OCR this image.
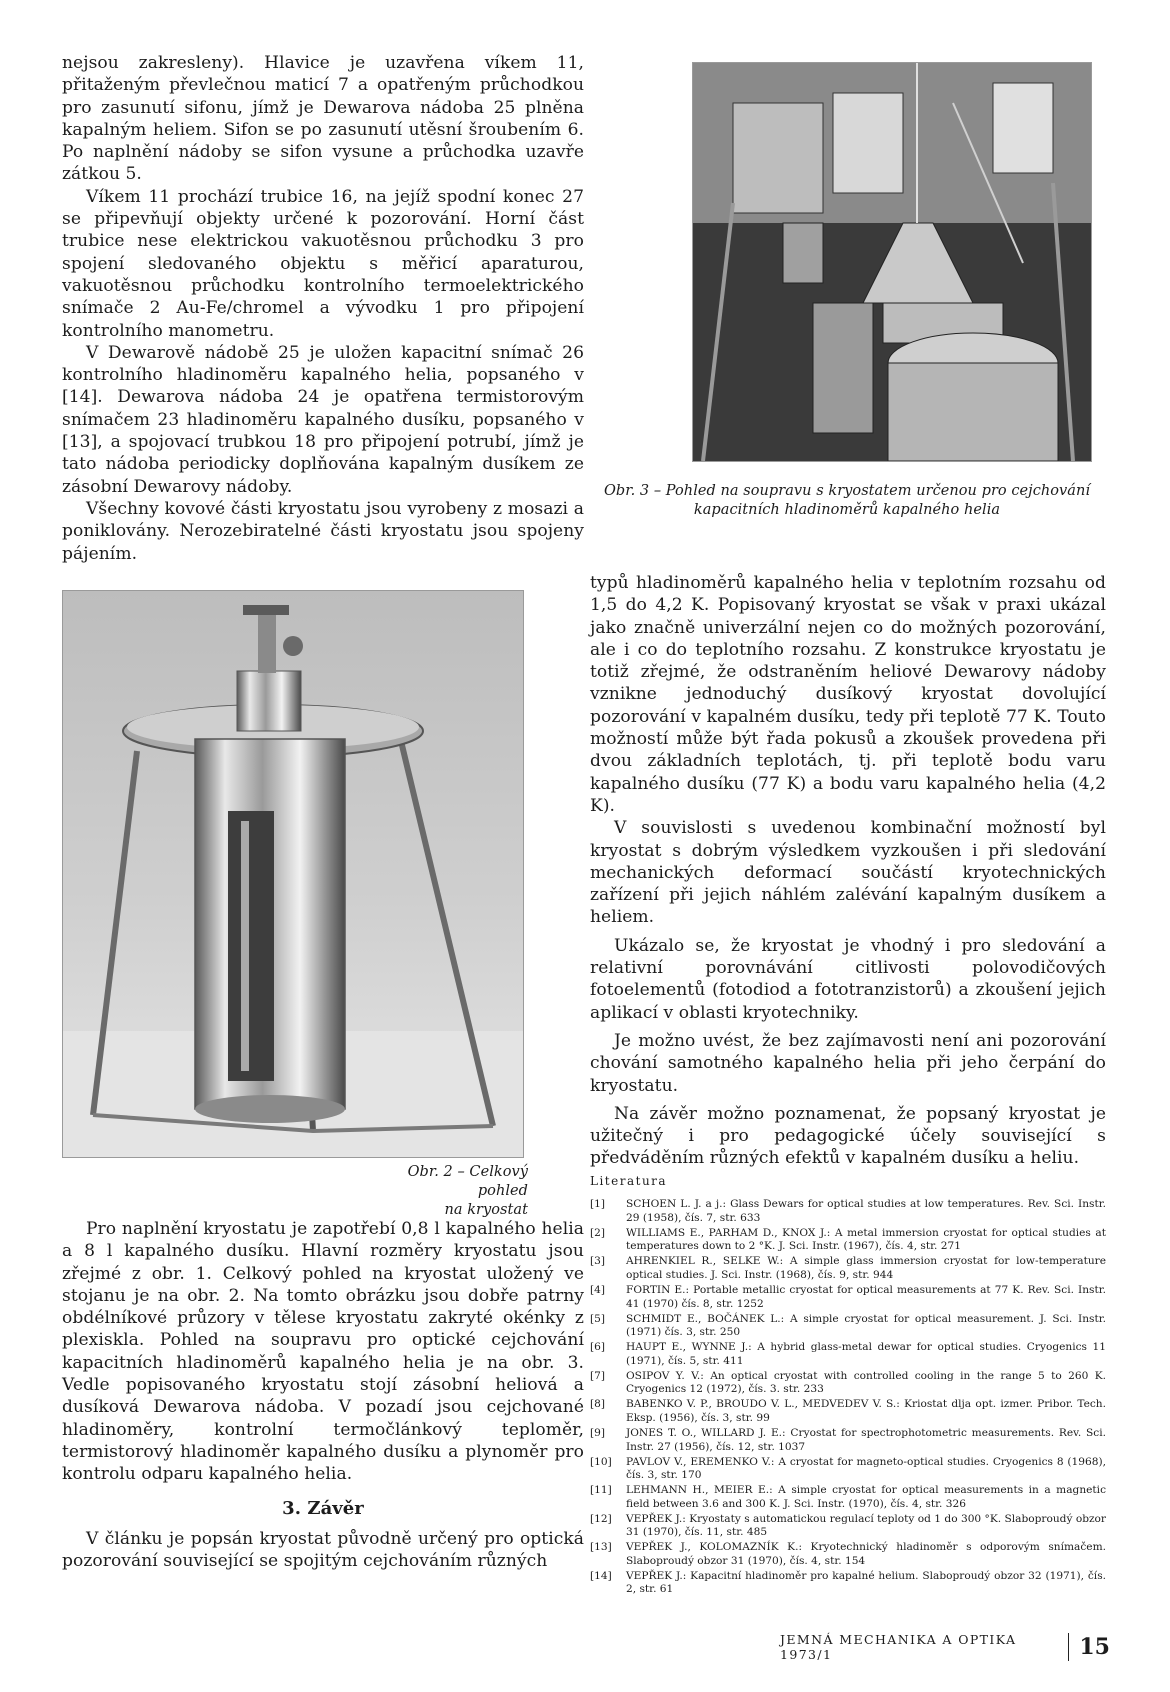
nejsou zakresleny). Hlavice je uzavřena víkem 11, přitaženým převlečnou maticí 7 a opatřeným průchodkou pro zasunutí sifonu, jímž je Dewarova nádoba 25 plněna kapalným heliem. Sifon se po zasunutí utěsní šroubením 6. Po naplnění nádoby se sifon vysune a průchodka uzavře zátkou 5.

Víkem 11 prochází trubice 16, na jejíž spodní konec 27 se připevňují objekty určené k pozorování. Horní část trubice nese elektrickou vakuotěsnou průchodku 3 pro spojení sledovaného objektu s měřicí aparaturou, vakuotěsnou průchodku kontrolního termoelektrického snímače 2 Au-Fe/chromel a vývodku 1 pro připojení kontrolního manometru.

V Dewarově nádobě 25 je uložen kapacitní snímač 26 kontrolního hladinoměru kapalného helia, popsaného v [14]. Dewarova nádoba 24 je opatřena termistorovým snímačem 23 hladinoměru kapalného dusíku, popsaného v [13], a spojovací trubkou 18 pro připojení potrubí, jímž je tato nádoba periodicky doplňována kapalným dusíkem ze zásobní Dewarovy nádoby.

Všechny kovové části kryostatu jsou vyrobeny z mosazi a poniklovány. Nerozebiratelné části kryostatu jsou spojeny pájením.

Obr. 2 – Celkový pohled

na kryostat

Pro naplnění kryostatu je zapotřebí 0,8 l kapalného helia a 8 l kapalného dusíku. Hlavní rozměry kryostatu jsou zřejmé z obr. 1. Celkový pohled na kryostat uložený ve stojanu je na obr. 2. Na tomto obrázku jsou dobře patrny obdélníkové průzory v tělese kryostatu zakryté okénky z plexiskla. Pohled na soupravu pro optické cejchování kapacitních hladinoměrů kapalného helia je na obr. 3. Vedle popisovaného kryostatu stojí zásobní heliová a dusíková Dewarova nádoba. V pozadí jsou cejchované hladinoměry, kontrolní termočlánkový teploměr, termistorový hladinoměr kapalného dusíku a plynoměr pro kontrolu odparu kapalného helia.

3. Závěr

V článku je popsán kryostat původně určený pro optická pozorování související se spojitým cejchováním různých

Obr. 3 – Pohled na soupravu s kryostatem určenou pro cejchování

kapacitních hladinoměrů kapalného helia

typů hladinoměrů kapalného helia v teplotním rozsahu od 1,5 do 4,2 K. Popisovaný kryostat se však v praxi ukázal jako značně univerzální nejen co do možných pozorování, ale i co do teplotního rozsahu. Z konstrukce kryostatu je totiž zřejmé, že odstraněním heliové Dewarovy nádoby vznikne jednoduchý dusíkový kryostat dovolující pozorování v kapalném dusíku, tedy při teplotě 77 K. Touto možností může být řada pokusů a zkoušek provedena při dvou základních teplotách, tj. při teplotě bodu varu kapalného dusíku (77 K) a bodu varu kapalného helia (4,2 K).

V souvislosti s uvedenou kombinační možností byl kryostat s dobrým výsledkem vyzkoušen i při sledování mechanických deformací součástí kryotechnických zařízení při jejich náhlém zalévání kapalným dusíkem a heliem.

Ukázalo se, že kryostat je vhodný i pro sledování a relativní porovnávání citlivosti polovodičových fotoelementů (fotodiod a fototranzistorů) a zkoušení jejich aplikací v oblasti kryotechniky.

Je možno uvést, že bez zajímavosti není ani pozorování chování samotného kapalného helia při jeho čerpání do kryostatu.

Na závěr možno poznamenat, že popsaný kryostat je užitečný i pro pedagogické účely související s předváděním různých efektů v kapalném dusíku a heliu.

Literatura

[1]	SCHOEN L. J. a j.: Glass Dewars for optical studies at low temperatures. Rev. Sci. Instr. 29 (1958), čís. 7, str. 633
[2]	WILLIAMS E., PARHAM D., KNOX J.: A metal immersion cryostat for optical studies at temperatures down to 2 °K. J. Sci. Instr. (1967), čís. 4, str. 271
[3]	AHRENKIEL R., SELKE W.: A simple glass immersion cryostat for low-temperature optical studies. J. Sci. Instr. (1968), čís. 9, str. 944
[4]	FORTIN E.: Portable metallic cryostat for optical measurements at 77 K. Rev. Sci. Instr. 41 (1970) čís. 8, str. 1252
[5]	SCHMIDT E., BOČÁNEK L.: A simple cryostat for optical measurement. J. Sci. Instr. (1971) čís. 3, str. 250
[6]	HAUPT E., WYNNE J.: A hybrid glass-metal dewar for optical studies. Cryogenics 11 (1971), čís. 5, str. 411
[7]	OSIPOV Y. V.: An optical cryostat with controlled cooling in the range 5 to 260 K. Cryogenics 12 (1972), čís. 3. str. 233
[8]	BABENKO V. P., BROUDO V. L., MEDVEDEV V. S.: Kriostat dlja opt. izmer. Pribor. Tech. Eksp. (1956), čís. 3, str. 99
[9]	JONES T. O., WILLARD J. E.: Cryostat for spectrophotometric measurements. Rev. Sci. Instr. 27 (1956), čís. 12, str. 1037
[10]	PAVLOV V., EREMENKO V.: A cryostat for magneto-optical studies. Cryogenics 8 (1968), čís. 3, str. 170
[11]	LEHMANN H., MEIER E.: A simple cryostat for optical measurements in a magnetic field between 3.6 and 300 K. J. Sci. Instr. (1970), čís. 4, str. 326
[12]	VEPŘEK J.: Kryostaty s automatickou regulací teploty od 1 do 300 °K. Slaboproudý obzor 31 (1970), čís. 11, str. 485
[13]	VEPŘEK J., KOLOMAZNÍK K.: Kryotechnický hladinoměr s odporovým snímačem. Slaboproudý obzor 31 (1970), čís. 4, str. 154
[14]	VEPŘEK J.: Kapacitní hladinoměr pro kapalné helium. Slaboproudý obzor 32 (1971), čís. 2, str. 61
JEMNÁ MECHANIKA A OPTIKA 1973/1	15
